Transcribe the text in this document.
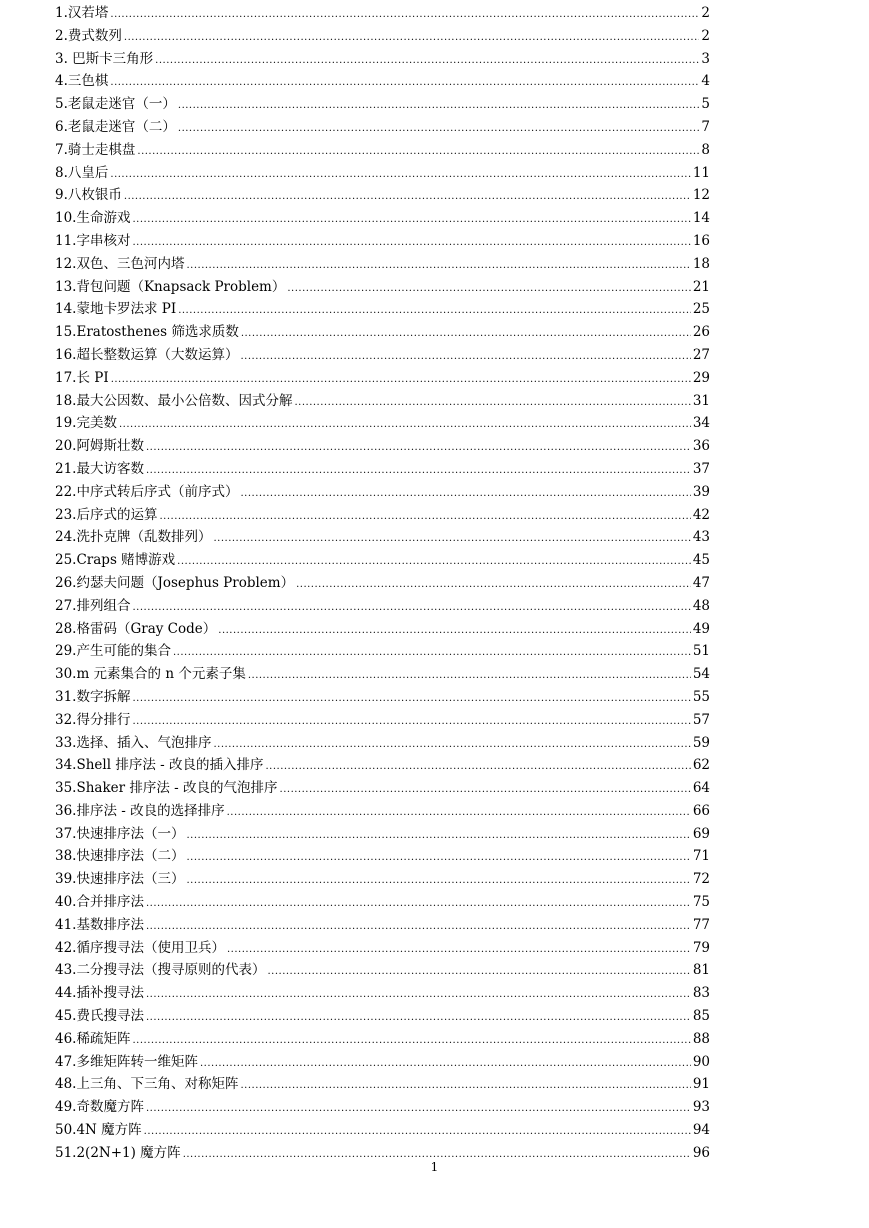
1.汉若塔 .....	2
2.费式数列 .....	2
3. 巴斯卡三角形 .....	3
4.三色棋 .....	4
5.老鼠走迷官（一） .....	5
6.老鼠走迷官（二） .....	7
7.骑士走棋盘 .....	8
8.八皇后 .....	11
9.八枚银币 .....	12
10.生命游戏 .....	14
11.字串核对 .....	16
12.双色、三色河内塔 .....	18
13.背包问题（Knapsack Problem） .....	21
14.蒙地卡罗法求 PI .....	25
15.Eratosthenes 筛选求质数 .....	26
16.超长整数运算（大数运算） .....	27
17.长 PI .....	29
18.最大公因数、最小公倍数、因式分解 .....	31
19.完美数 .....	34
20.阿姆斯壮数 .....	36
21.最大访客数 .....	37
22.中序式转后序式（前序式） .....	39
23.后序式的运算 .....	42
24.洗扑克牌（乱数排列） .....	43
25.Craps 赌博游戏 .....	45
26.约瑟夫问题（Josephus Problem） .....	47
27.排列组合 .....	48
28.格雷码（Gray Code） .....	49
29.产生可能的集合 .....	51
30.m 元素集合的 n 个元素子集 .....	54
31.数字拆解 .....	55
32.得分排行 .....	57
33.选择、插入、气泡排序 .....	59
34.Shell 排序法 - 改良的插入排序 .....	62
35.Shaker 排序法 - 改良的气泡排序 .....	64
36.排序法 - 改良的选择排序 .....	66
37.快速排序法（一） .....	69
38.快速排序法（二） .....	71
39.快速排序法（三） .....	72
40.合并排序法 .....	75
41.基数排序法 .....	77
42.循序搜寻法（使用卫兵） .....	79
43.二分搜寻法（搜寻原则的代表） .....	81
44.插补搜寻法 .....	83
45.费氏搜寻法 .....	85
46.稀疏矩阵 .....	88
47.多维矩阵转一维矩阵 .....	90
48.上三角、下三角、对称矩阵 .....	91
49.奇数魔方阵 .....	93
50.4N 魔方阵 .....	94
51.2(2N+1) 魔方阵 .....	96
1
